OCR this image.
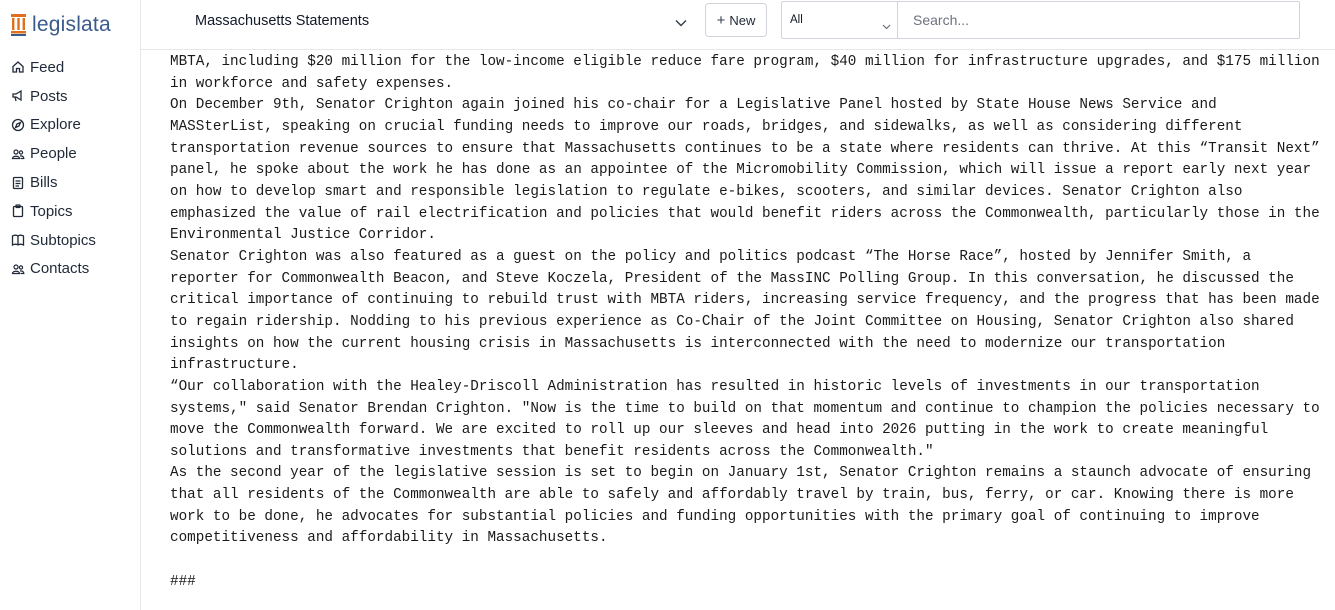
legislata
Feed
Posts
Explore
People
Bills
Topics
Subtopics
Contacts
Massachusetts Statements	+ New	All
Search...

MBTA, including $20 million for the low-income eligible reduce fare program, $40 million for infrastructure upgrades, and $175 million in workforce and safety expenses.

On December 9th, Senator Crighton again joined his co-chair for a Legislative Panel hosted by State House News Service and MASSterList, speaking on crucial funding needs to improve our roads, bridges, and sidewalks, as well as considering different transportation revenue sources to ensure that Massachusetts continues to be a state where residents can thrive. At this “Transit Next” panel, he spoke about the work he has done as an appointee of the Micromobility Commission, which will issue a report early next year on how to develop smart and responsible legislation to regulate e-bikes, scooters, and similar devices. Senator Crighton also emphasized the value of rail electrification and policies that would benefit riders across the Commonwealth, particularly those in the Environmental Justice Corridor.

Senator Crighton was also featured as a guest on the policy and politics podcast “The Horse Race”, hosted by Jennifer Smith, a reporter for Commonwealth Beacon, and Steve Koczela, President of the MassINC Polling Group. In this conversation, he discussed the critical importance of continuing to rebuild trust with MBTA riders, increasing service frequency, and the progress that has been made to regain ridership. Nodding to his previous experience as Co-Chair of the Joint Committee on Housing, Senator Crighton also shared insights on how the current housing crisis in Massachusetts is interconnected with the need to modernize our transportation infrastructure.

“Our collaboration with the Healey-Driscoll Administration has resulted in historic levels of investments in our transportation systems," said Senator Brendan Crighton. "Now is the time to build on that momentum and continue to champion the policies necessary to move the Commonwealth forward. We are excited to roll up our sleeves and head into 2026 putting in the work to create meaningful solutions and transformative investments that benefit residents across the Commonwealth."

As the second year of the legislative session is set to begin on January 1st, Senator Crighton remains a staunch advocate of ensuring that all residents of the Commonwealth are able to safely and affordably travel by train, bus, ferry, or car. Knowing there is more work to be done, he advocates for substantial policies and funding opportunities with the primary goal of continuing to improve competitiveness and affordability in Massachusetts.

###
